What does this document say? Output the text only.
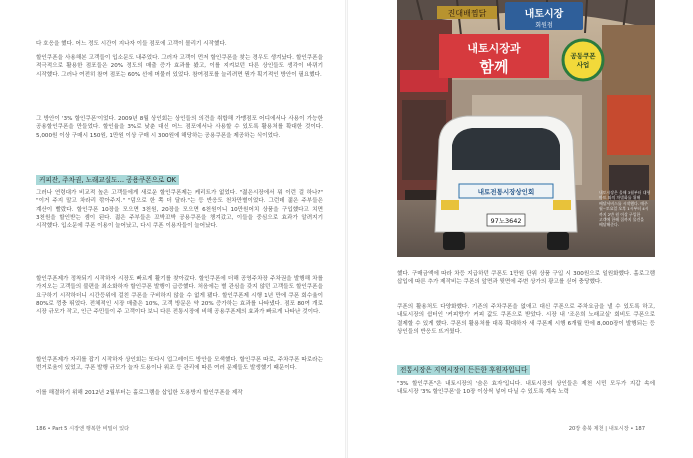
다 호응을 했다. 어느 정도 시간이 지나자 이들 점포에 고객이 몰리기 시작했다.

할인쿠폰을 사용해본 고객들이 입소문도 내주었다. 그러자 고객이 먼저 할인쿠폰을 찾는 경우도 생겨났다. 할인쿠폰을 적극적으로 활용한 점포들은 20% 정도의 매출 증가 효과를 봤고, 이를 지켜보던 다른 상인들도 생각이 바뀌기 시작했다. 그러나 여전히 참여 점포는 60% 선에 머물러 있었다. 참여점포를 늘리려면 뭔가 획기적인 방안이 필요했다.

그 방안이 '3% 할인쿠폰'이었다. 2009년 8월 상인회는 상인들의 의견을 취합해 가맹점포 어디에서나 사용이 가능한 공용할인쿠폰을 만들었다. 할인율을 3%로 낮춘 대신 어느 점포에서나 사용할 수 있도록 활용처를 확대한 것이다. 5,000원 이상 구매시 150원, 1만원 이상 구매 시 300원에 해당하는 공용쿠폰을 제공하는 식이었다.

커피잔, 주차권, 노래교실도… 공용쿠폰으로 OK

그러나 연령대가 비교적 높은 고객들에게 새로운 할인쿠폰제는 케리트가 없었다. "젊은시장에서 뭐 이런 걸 하나?" "이거 주지 말고 차라리 깎아주지." "덤으로 한 쪽 더 달라."는 등 반응도 천차만별이었다. 그런데 젊은 주부들은 계산이 빨랐다. 할인쿠폰 10장을 모으면 3천원, 20장을 모으면 6천원이니 10만원어치 상품을 구입했다고 치면 3천원을 할인받는 셈이 된다. 젊은 주부들은 꼬박꼬박 공용쿠폰을 챙겨갔고, 이들을 중심으로 효과가 알려지기 시작했다. 입소문에 쿠폰 이용이 늘어났고, 다시 쿠폰 이용자들이 늘어났다.

할인쿠폰제가 정착되기 시작하자 시장도 빠르게 활기를 찾아갔다. 할인쿠폰에 더해 공영주차장 주차권을 발행해 차를 가지오는 고객들의 불편을 최소화하자 할인쿠폰 발행이 급증했다. 처음에는 별 관심을 갖지 않던 고객들도 할인쿠폰을 요구하기 시작하더니 시간등위에 걸친 쿠폰을 구비하지 않을 수 없게 됐다. 할인쿠폰제 시행 1년 만에 쿠폰 회수율이 80%로 껑충 뛰었다. 전체적인 시장 매출은 10%, 고객 방문은 약 20% 증가하는 효과를 나타냈다. 점포 80여 개로 시장 규모가 작고, 인근 주민들이 주 고객이다 보니 다른 전통시장에 비해 공용쿠폰제의 효과가 빠르게 나타난 것이다.

할인쿠폰제가 자리를 잡기 시작하자 상인회는 또다시 업그레이드 방안을 모색했다. 할인쿠폰 따로, 주차쿠폰 따로라는 번거로움이 있었고, 쿠폰 발행 규모가 늘자 도용이나 위조 등 관리에 따른 여러 문제들도 발생했기 때문이다.

이를 해결하기 위해 2012년 2월부터는 홀로그램을 삽입한 도용방지 할인쿠폰을 제작

186 • Part 5 시장엔 행복한 비밀이 있다
진대배찜닭	내토시장
회원점
내토시장과
함께
공동쿠폰
사업
내토전통시장상인회
97노3642
내토시장은 올해 3월부터 대형 마트 와의 차별화를 위해 배달서비스를 시작했다. 매주 월~토요일 오후 1시부터 4시 까지 2만 원 이상 구입한 고객에 한해 집까지 물건을 배달해준다.

했다. 구매금액에 따라 차등 지급하던 쿠폰도 1만원 단위 상품 구입 시 300원으로 일원화했다. 홀로그램 삽입에 따른 추가 제작비는 쿠폰의 앞면과 뒷면에 주변 상가의 광고를 싣어 충당했다.

쿠폰의 활용처도 다양화했다. 기존의 주차쿠폰을 없애고 대신 쿠폰으로 주차요금을 낼 수 있도록 하고, 내토시장의 쉼터인 '커피향기' 커피 값도 쿠폰으로 받았다. 시장 내 '조은희 노래교실' 회비도 쿠폰으로 결제할 수 있게 했다. 쿠폰의 활용처를 대폭 확대하자 새 쿠폰제 시행 6개월 만에 8,000장이 발행되는 등 상인들의 반응도 뜨거웠다.

전통시장은 지역시장이 든든한 후원자입니다

"3% 할인쿠폰"은 내토시장의 '숨은 효자'입니다. 내토시장의 상인들은 제천 시민 모두가 지갑 속에 내토시장 '3% 할인쿠폰'을 10장 이상씩 넣어 다닐 수 있도록 계속 노력

20장 충북 제천 | 내토시장 • 187
